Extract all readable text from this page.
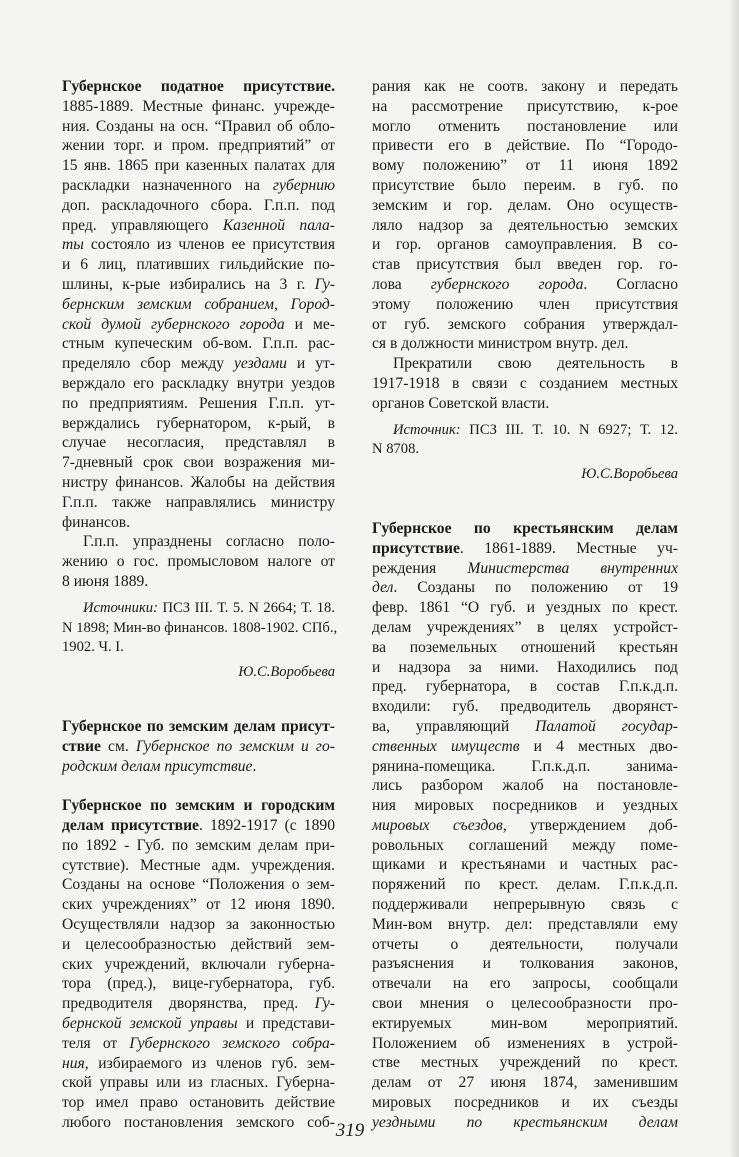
Губернское податное присутствие.
1885-1889. Местные финанс. учрежде-
ния. Созданы на осн. “Правил об обло-
жении торг. и пром. предприятий” от
15 янв. 1865 при казенных палатах для
раскладки назначенного на губернию
доп. раскладочного сбора. Г.п.п. под
пред. управляющего Казенной пала-
ты состояло из членов ее присутствия
и 6 лиц, плативших гильдийские по-
шлины, к-рые избирались на 3 г. Гу-
бернским земским собранием, Город-
ской думой губернского города и ме-
стным купеческим об-вом. Г.п.п. рас-
пределяло сбор между уездами и ут-
верждало его раскладку внутри уездов
по предприятиям. Решения Г.п.п. ут-
верждались губернатором, к-рый, в
случае несогласия, представлял в
7-дневный срок свои возражения ми-
нистру финансов. Жалобы на действия
Г.п.п. также направлялись министру
финансов.
Г.п.п. упразднены согласно поло-
жению о гос. промысловом налоге от
8 июня 1889.
Источники: ПСЗ III. Т. 5. N 2664; Т. 18.
N 1898; Мин-во финансов. 1808-1902. СПб.,
1902. Ч. I.
Ю.С.Воробьева
Губернское по земским делам присут-
ствие см. Губернское по земским и го-
родским делам присутствие.
Губернское по земским и городским
делам присутствие. 1892-1917 (с 1890
по 1892 - Губ. по земским делам при-
сутствие). Местные адм. учреждения.
Созданы на основе “Положения о зем-
ских учреждениях” от 12 июня 1890.
Осуществляли надзор за законностью
и целесообразностью действий зем-
ских учреждений, включали губерна-
тора (пред.), вице-губернатора, губ.
предводителя дворянства, пред. Гу-
бернской земской управы и представи-
теля от Губернского земского собра-
ния, избираемого из членов губ. зем-
ской управы или из гласных. Губерна-
тор имел право остановить действие
любого постановления земского соб-
рания как не соотв. закону и передать
на рассмотрение присутствию, к-рое
могло отменить постановление или
привести его в действие. По “Городо-
вому положению” от 11 июня 1892
присутствие было переим. в губ. по
земским и гор. делам. Оно осуществ-
ляло надзор за деятельностью земских
и гор. органов самоуправления. В со-
став присутствия был введен гор. го-
лова губернского города. Согласно
этому положению член присутствия
от губ. земского собрания утверждал-
ся в должности министром внутр. дел.
Прекратили свою деятельность в
1917-1918 в связи с созданием местных
органов Советской власти.
Источник: ПСЗ III. Т. 10. N 6927; Т. 12.
N 8708.
Ю.С.Воробьева
Губернское по крестьянским делам
присутствие. 1861-1889. Местные уч-
реждения Министерства внутренних
дел. Созданы по положению от 19
февр. 1861 “О губ. и уездных по крест.
делам учреждениях” в целях устройст-
ва поземельных отношений крестьян
и надзора за ними. Находились под
пред. губернатора, в состав Г.п.к.д.п.
входили: губ. предводитель дворянст-
ва, управляющий Палатой государ-
ственных имуществ и 4 местных дво-
рянина-помещика. Г.п.к.д.п. занима-
лись разбором жалоб на постановле-
ния мировых посредников и уездных
мировых съездов, утверждением доб-
ровольных соглашений между поме-
щиками и крестьянами и частных рас-
поряжений по крест. делам. Г.п.к.д.п.
поддерживали непрерывную связь с
Мин-вом внутр. дел: представляли ему
отчеты о деятельности, получали
разъяснения и толкования законов,
отвечали на его запросы, сообщали
свои мнения о целесообразности про-
ектируемых мин-вом мероприятий.
Положением об изменениях в устрой-
стве местных учреждений по крест.
делам от 27 июня 1874, заменившим
мировых посредников и их съезды
уездными по крестьянским делам
319
